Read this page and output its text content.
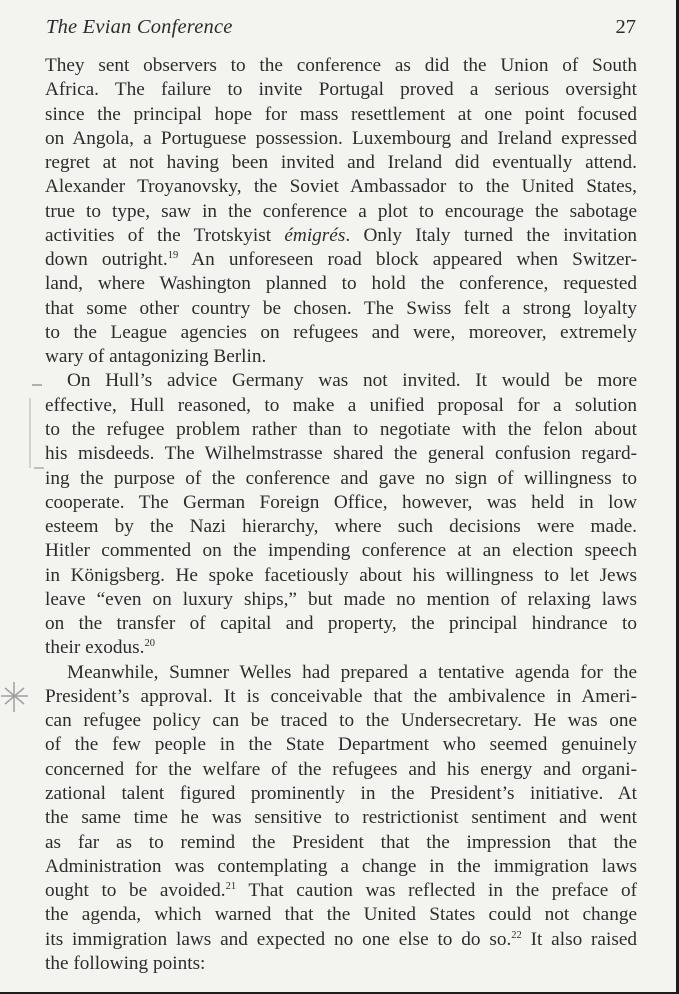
The Evian Conference	27
They sent observers to the conference as did the Union of South
Africa. The failure to invite Portugal proved a serious oversight
since the principal hope for mass resettlement at one point focused
on Angola, a Portuguese possession. Luxembourg and Ireland expressed
regret at not having been invited and Ireland did eventually attend.
Alexander Troyanovsky, the Soviet Ambassador to the United States,
true to type, saw in the conference a plot to encourage the sabotage
activities of the Trotskyist émigrés. Only Italy turned the invitation
down outright.$^{19}$ An unforeseen road block appeared when Switzer-
land, where Washington planned to hold the conference, requested
that some other country be chosen. The Swiss felt a strong loyalty
to the League agencies on refugees and were, moreover, extremely
wary of antagonizing Berlin.
On Hull’s advice Germany was not invited. It would be more
effective, Hull reasoned, to make a unified proposal for a solution
to the refugee problem rather than to negotiate with the felon about
his misdeeds. The Wilhelmstrasse shared the general confusion regard-
ing the purpose of the conference and gave no sign of willingness to
cooperate. The German Foreign Office, however, was held in low
esteem by the Nazi hierarchy, where such decisions were made.
Hitler commented on the impending conference at an election speech
in Königsberg. He spoke facetiously about his willingness to let Jews
leave “even on luxury ships,” but made no mention of relaxing laws
on the transfer of capital and property, the principal hindrance to
their exodus.$^{20}$
Meanwhile, Sumner Welles had prepared a tentative agenda for the
President’s approval. It is conceivable that the ambivalence in Ameri-
can refugee policy can be traced to the Undersecretary. He was one
of the few people in the State Department who seemed genuinely
concerned for the welfare of the refugees and his energy and organi-
zational talent figured prominently in the President’s initiative. At
the same time he was sensitive to restrictionist sentiment and went
as far as to remind the President that the impression that the
Administration was contemplating a change in the immigration laws
ought to be avoided.$^{21}$ That caution was reflected in the preface of
the agenda, which warned that the United States could not change
its immigration laws and expected no one else to do so.$^{22}$ It also raised
the following points:
